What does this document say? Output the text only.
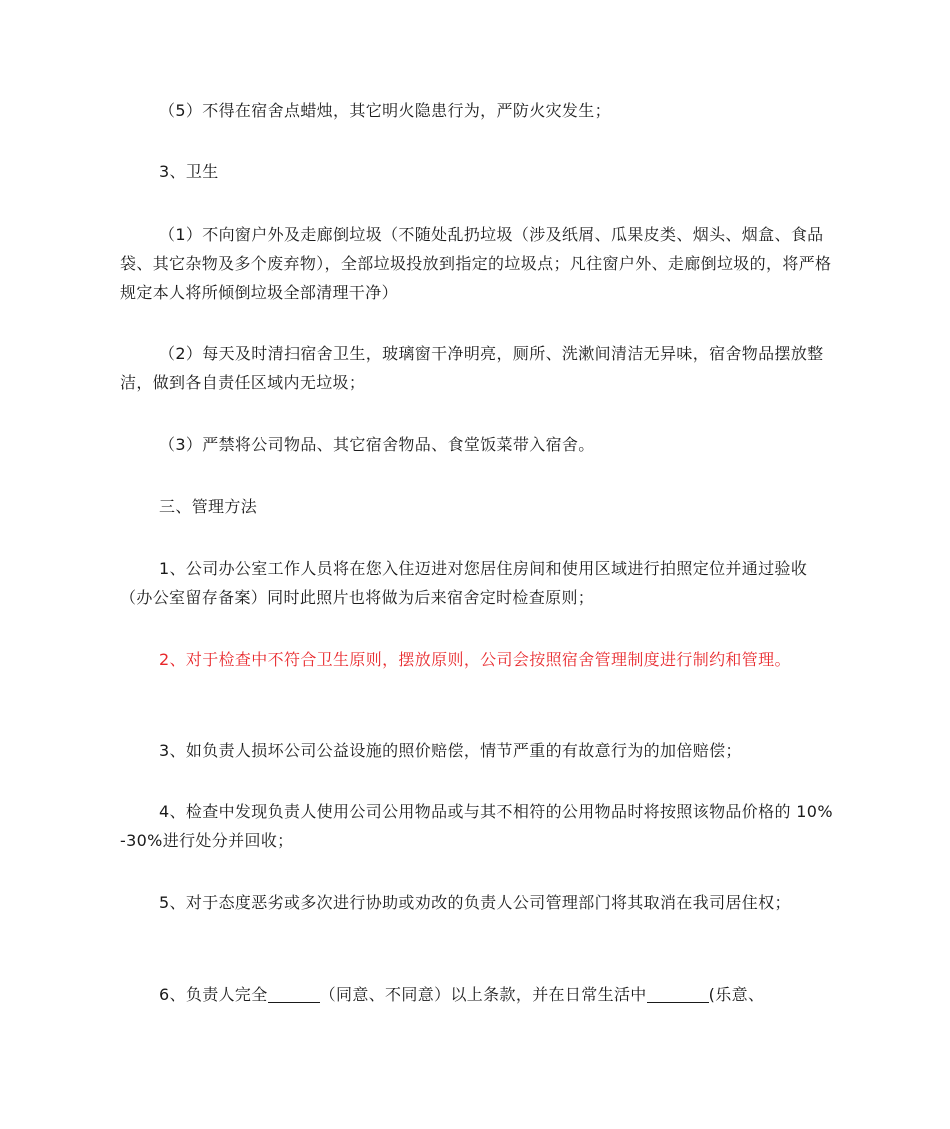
（5）不得在宿舍点蜡烛，其它明火隐患行为，严防火灾发生；

3、卫生

（1）不向窗户外及走廊倒垃圾（不随处乱扔垃圾（涉及纸屑、瓜果皮类、烟头、烟盒、食品袋、其它杂物及多个废弃物），全部垃圾投放到指定的垃圾点；凡往窗户外、走廊倒垃圾的，将严格规定本人将所倾倒垃圾全部清理干净）

（2）每天及时清扫宿舍卫生，玻璃窗干净明亮，厕所、洗漱间清洁无异味，宿舍物品摆放整洁，做到各自责任区域内无垃圾；

（3）严禁将公司物品、其它宿舍物品、食堂饭菜带入宿舍。

三、管理方法

1、公司办公室工作人员将在您入住迈进对您居住房间和使用区域进行拍照定位并通过验收（办公室留存备案）同时此照片也将做为后来宿舍定时检查原则；

2、对于检查中不符合卫生原则，摆放原则，公司会按照宿舍管理制度进行制约和管理。

3、如负责人损坏公司公益设施的照价赔偿，情节严重的有故意行为的加倍赔偿；

4、检查中发现负责人使用公司公用物品或与其不相符的公用物品时将按照该物品价格的 10%-30%进行处分并回收；

5、对于态度恶劣或多次进行协助或劝改的负责人公司管理部门将其取消在我司居住权；

6、负责人完全	（同意、不同意）以上条款，并在日常生活中	(乐意、
